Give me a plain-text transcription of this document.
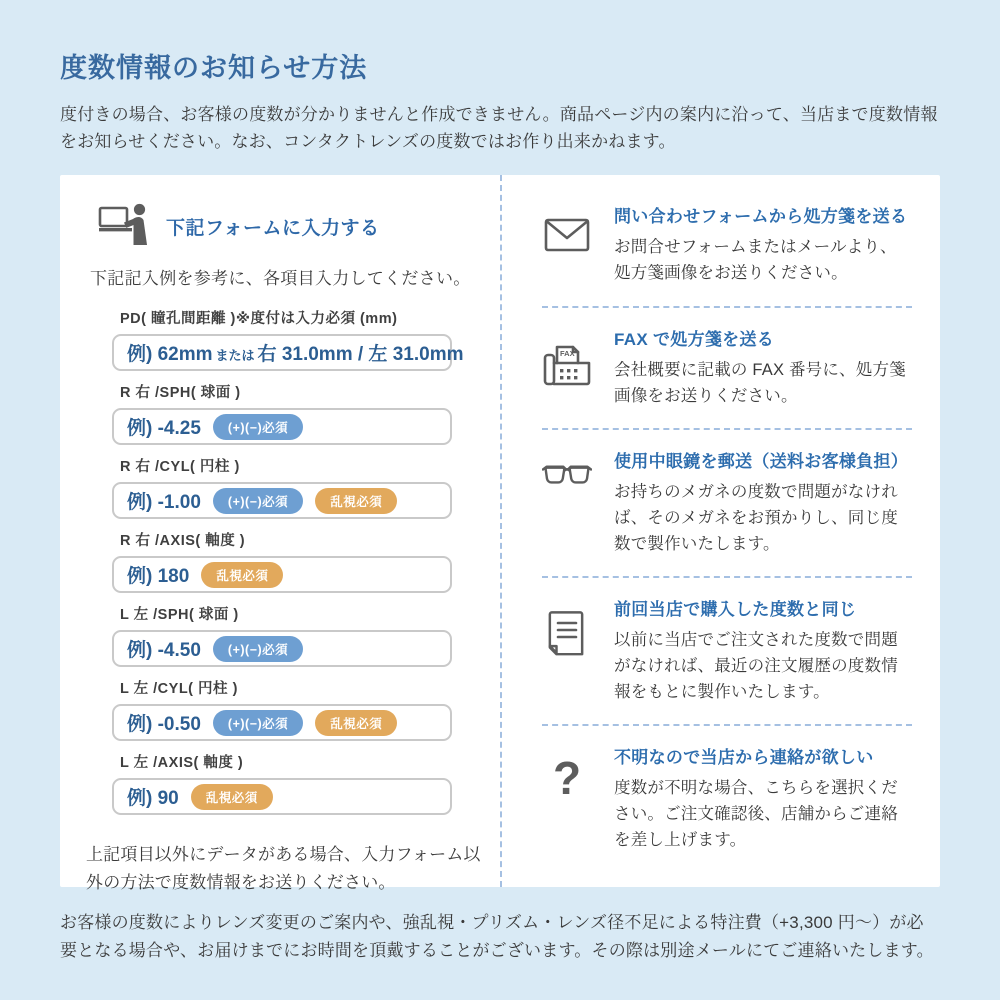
度数情報のお知らせ方法

度付きの場合、お客様の度数が分かりませんと作成できません。商品ページ内の案内に沿って、当店まで度数情報をお知らせください。なお、コンタクトレンズの度数ではお作り出来かねます。

下記フォームに入力する

下記記入例を参考に、各項目入力してください。

PD( 瞳孔間距離 )※度付は入力必須 (mm)
例) 62mm または 右 31.0mm / 左 31.0mm
R 右 /SPH( 球面 )
例) -4.25	(+)(−)必須
R 右 /CYL( 円柱 )
例) -1.00	(+)(−)必須	乱視必須
R 右 /AXIS( 軸度 )
例) 180	乱視必須
L 左 /SPH( 球面 )
例) -4.50	(+)(−)必須
L 左 /CYL( 円柱 )
例) -0.50	(+)(−)必須	乱視必須
L 左 /AXIS( 軸度 )
例) 90	乱視必須

上記項目以外にデータがある場合、入力フォーム以外の方法で度数情報をお送りください。

問い合わせフォームから処方箋を送る
お問合せフォームまたはメールより、処方箋画像をお送りください。
FAX
FAX で処方箋を送る
会社概要に記載の FAX 番号に、処方箋画像をお送りください。
使用中眼鏡を郵送（送料お客様負担）
お持ちのメガネの度数で問題がなければ、そのメガネをお預かりし、同じ度数で製作いたします。
前回当店で購入した度数と同じ
以前に当店でご注文された度数で問題がなければ、最近の注文履歴の度数情報をもとに製作いたします。
? 不明なので当店から連絡が欲しい
度数が不明な場合、こちらを選択ください。ご注文確認後、店舗からご連絡を差し上げます。

お客様の度数によりレンズ変更のご案内や、強乱視・プリズム・レンズ径不足による特注費（+3,300 円〜）が必要となる場合や、お届けまでにお時間を頂戴することがございます。その際は別途メールにてご連絡いたします。
